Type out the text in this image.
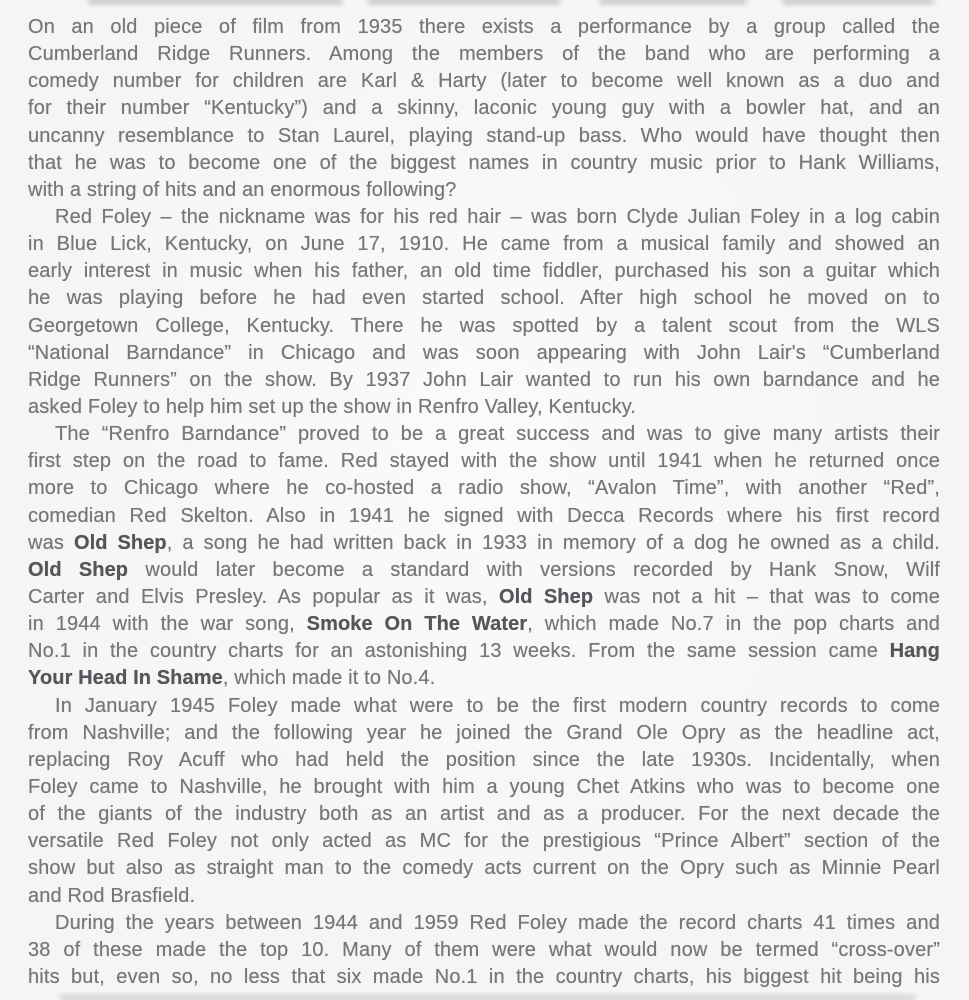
On an old piece of film from 1935 there exists a performance by a group called the
Cumberland Ridge Runners. Among the members of the band who are performing a
comedy number for children are Karl & Harty (later to become well known as a duo and
for their number “Kentucky”) and a skinny, laconic young guy with a bowler hat, and an
uncanny resemblance to Stan Laurel, playing stand-up bass. Who would have thought then
that he was to become one of the biggest names in country music prior to Hank Williams,
with a string of hits and an enormous following?
Red Foley – the nickname was for his red hair – was born Clyde Julian Foley in a log cabin
in Blue Lick, Kentucky, on June 17, 1910. He came from a musical family and showed an
early interest in music when his father, an old time fiddler, purchased his son a guitar which
he was playing before he had even started school. After high school he moved on to
Georgetown College, Kentucky. There he was spotted by a talent scout from the WLS
“National Barndance” in Chicago and was soon appearing with John Lair's “Cumberland
Ridge Runners” on the show. By 1937 John Lair wanted to run his own barndance and he
asked Foley to help him set up the show in Renfro Valley, Kentucky.
The “Renfro Barndance” proved to be a great success and was to give many artists their
first step on the road to fame. Red stayed with the show until 1941 when he returned once
more to Chicago where he co-hosted a radio show, “Avalon Time”, with another “Red”,
comedian Red Skelton. Also in 1941 he signed with Decca Records where his first record
was Old Shep, a song he had written back in 1933 in memory of a dog he owned as a child.
Old Shep would later become a standard with versions recorded by Hank Snow, Wilf
Carter and Elvis Presley. As popular as it was, Old Shep was not a hit – that was to come
in 1944 with the war song, Smoke On The Water, which made No.7 in the pop charts and
No.1 in the country charts for an astonishing 13 weeks. From the same session came Hang
Your Head In Shame, which made it to No.4.
In January 1945 Foley made what were to be the first modern country records to come
from Nashville; and the following year he joined the Grand Ole Opry as the headline act,
replacing Roy Acuff who had held the position since the late 1930s. Incidentally, when
Foley came to Nashville, he brought with him a young Chet Atkins who was to become one
of the giants of the industry both as an artist and as a producer. For the next decade the
versatile Red Foley not only acted as MC for the prestigious “Prince Albert” section of the
show but also as straight man to the comedy acts current on the Opry such as Minnie Pearl
and Rod Brasfield.
During the years between 1944 and 1959 Red Foley made the record charts 41 times and
38 of these made the top 10. Many of them were what would now be termed “cross-over”
hits but, even so, no less that six made No.1 in the country charts, his biggest hit being his
